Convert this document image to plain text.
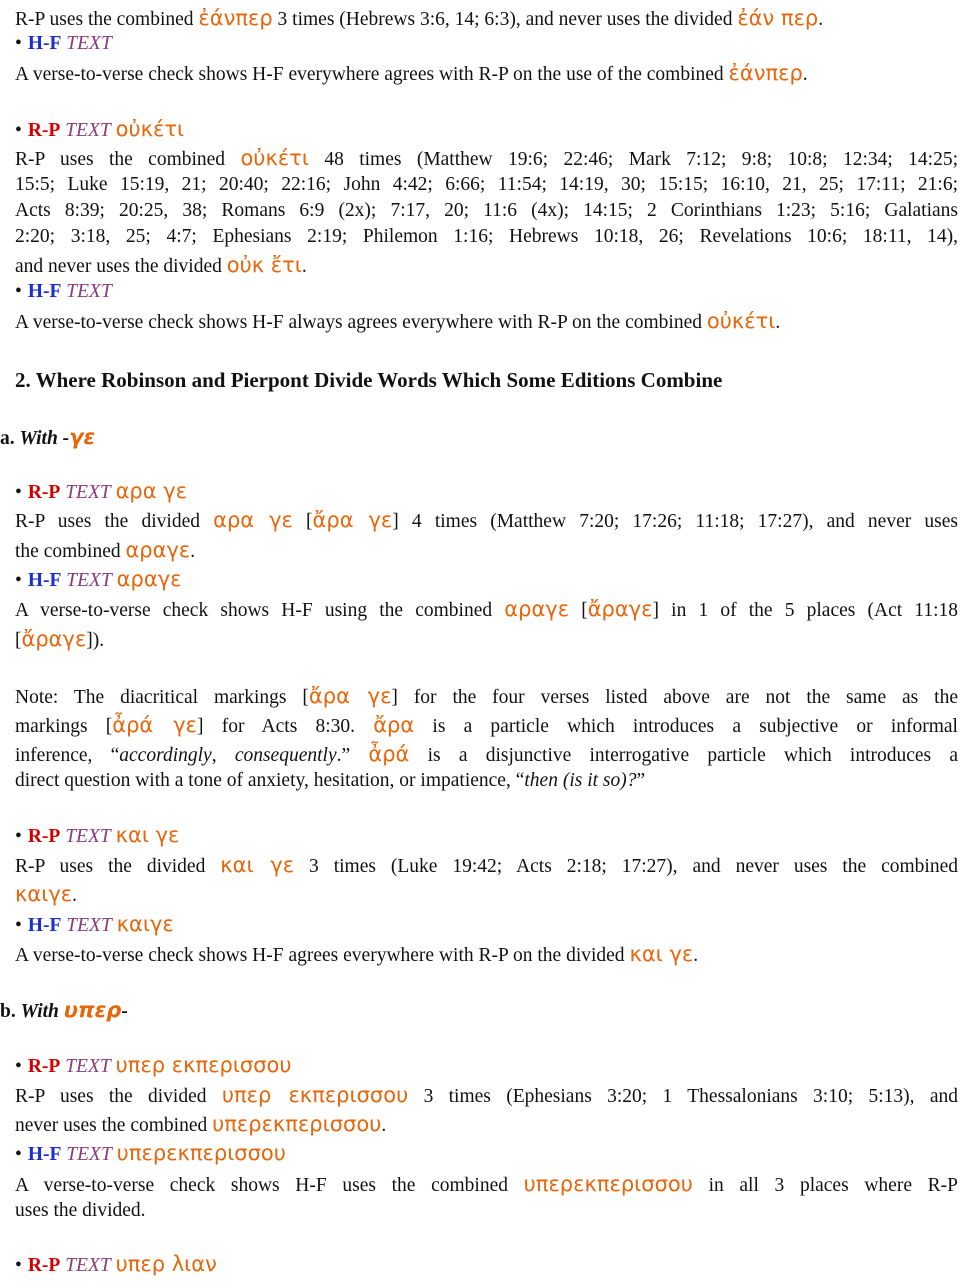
R-P uses the combined ἐάνπερ 3 times (Hebrews 3:6, 14; 6:3), and never uses the divided ἐάν περ.
• H-F TEXT
A verse-to-verse check shows H-F everywhere agrees with R-P on the use of the combined ἐάνπερ.
• R-P TEXT οὐκέτι
R-P uses the combined οὐκέτι 48 times (Matthew 19:6; 22:46; Mark 7:12; 9:8; 10:8; 12:34; 14:25;
15:5; Luke 15:19, 21; 20:40; 22:16; John 4:42; 6:66; 11:54; 14:19, 30; 15:15; 16:10, 21, 25; 17:11; 21:6;
Acts 8:39; 20:25, 38; Romans 6:9 (2x); 7:17, 20; 11:6 (4x); 14:15; 2 Corinthians 1:23; 5:16; Galatians
2:20; 3:18, 25; 4:7; Ephesians 2:19; Philemon 1:16; Hebrews 10:18, 26; Revelations 10:6; 18:11, 14),
and never uses the divided οὐκ ἔτι.
• H-F TEXT
A verse-to-verse check shows H-F always agrees everywhere with R-P on the combined οὐκέτι.
2. Where Robinson and Pierpont Divide Words Which Some Editions Combine
a. With -γε
• R-P TEXT αρα γε
R-P uses the divided αρα γε [ἄρα γε] 4 times (Matthew 7:20; 17:26; 11:18; 17:27), and never uses
the combined αραγε.
• H-F TEXT αραγε
A verse-to-verse check shows H-F using the combined αραγε [ἄραγε] in 1 of the 5 places (Act 11:18
[ἄραγε]).
Note: The diacritical markings [ἄρα γε] for the four verses listed above are not the same as the
markings [ἆρά γε] for Acts 8:30. ἄρα is a particle which introduces a subjective or informal
inference, “accordingly, consequently.” ἆρά is a disjunctive interrogative particle which introduces a
direct question with a tone of anxiety, hesitation, or impatience, “then (is it so)?”
• R-P TEXT και γε
R-P uses the divided και γε 3 times (Luke 19:42; Acts 2:18; 17:27), and never uses the combined
καιγε.
• H-F TEXT καιγε
A verse-to-verse check shows H-F agrees everywhere with R-P on the divided και γε.
b. With υπερ-
• R-P TEXT υπερ εκπερισσου
R-P uses the divided υπερ εκπερισσου 3 times (Ephesians 3:20; 1 Thessalonians 3:10; 5:13), and
never uses the combined υπερεκπερισσου.
• H-F TEXT υπερεκπερισσου
A verse-to-verse check shows H-F uses the combined υπερεκπερισσου in all 3 places where R-P
uses the divided.
• R-P TEXT υπερ λιαν
